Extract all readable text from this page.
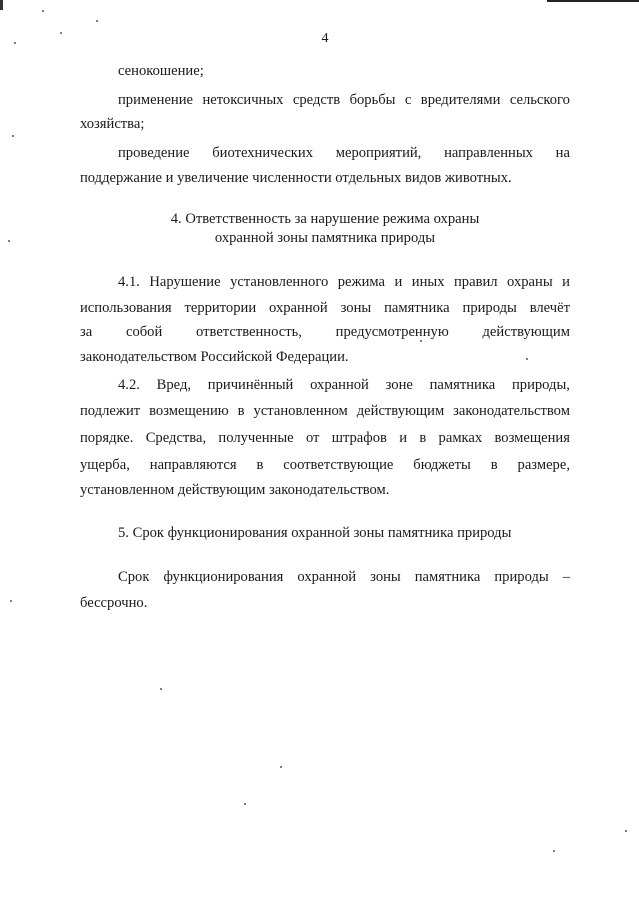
4
сенокошение;
применение нетоксичных средств борьбы с вредителями сельского
хозяйства;
проведение биотехнических мероприятий, направленных на
поддержание и увеличение численности отдельных видов животных.
4. Ответственность за нарушение режима охраны
охранной зоны памятника природы
4.1. Нарушение установленного режима и иных правил охраны и
использования территории охранной зоны памятника природы влечёт
за собой ответственность, предусмотренную действующим
законодательством Российской Федерации.
4.2. Вред, причинённый охранной зоне памятника природы,
подлежит возмещению в установленном действующим законодательством
порядке. Средства, полученные от штрафов и в рамках возмещения
ущерба, направляются в соответствующие бюджеты в размере,
установленном действующим законодательством.
5. Срок функционирования охранной зоны памятника природы
Срок функционирования охранной зоны памятника природы –
бессрочно.
